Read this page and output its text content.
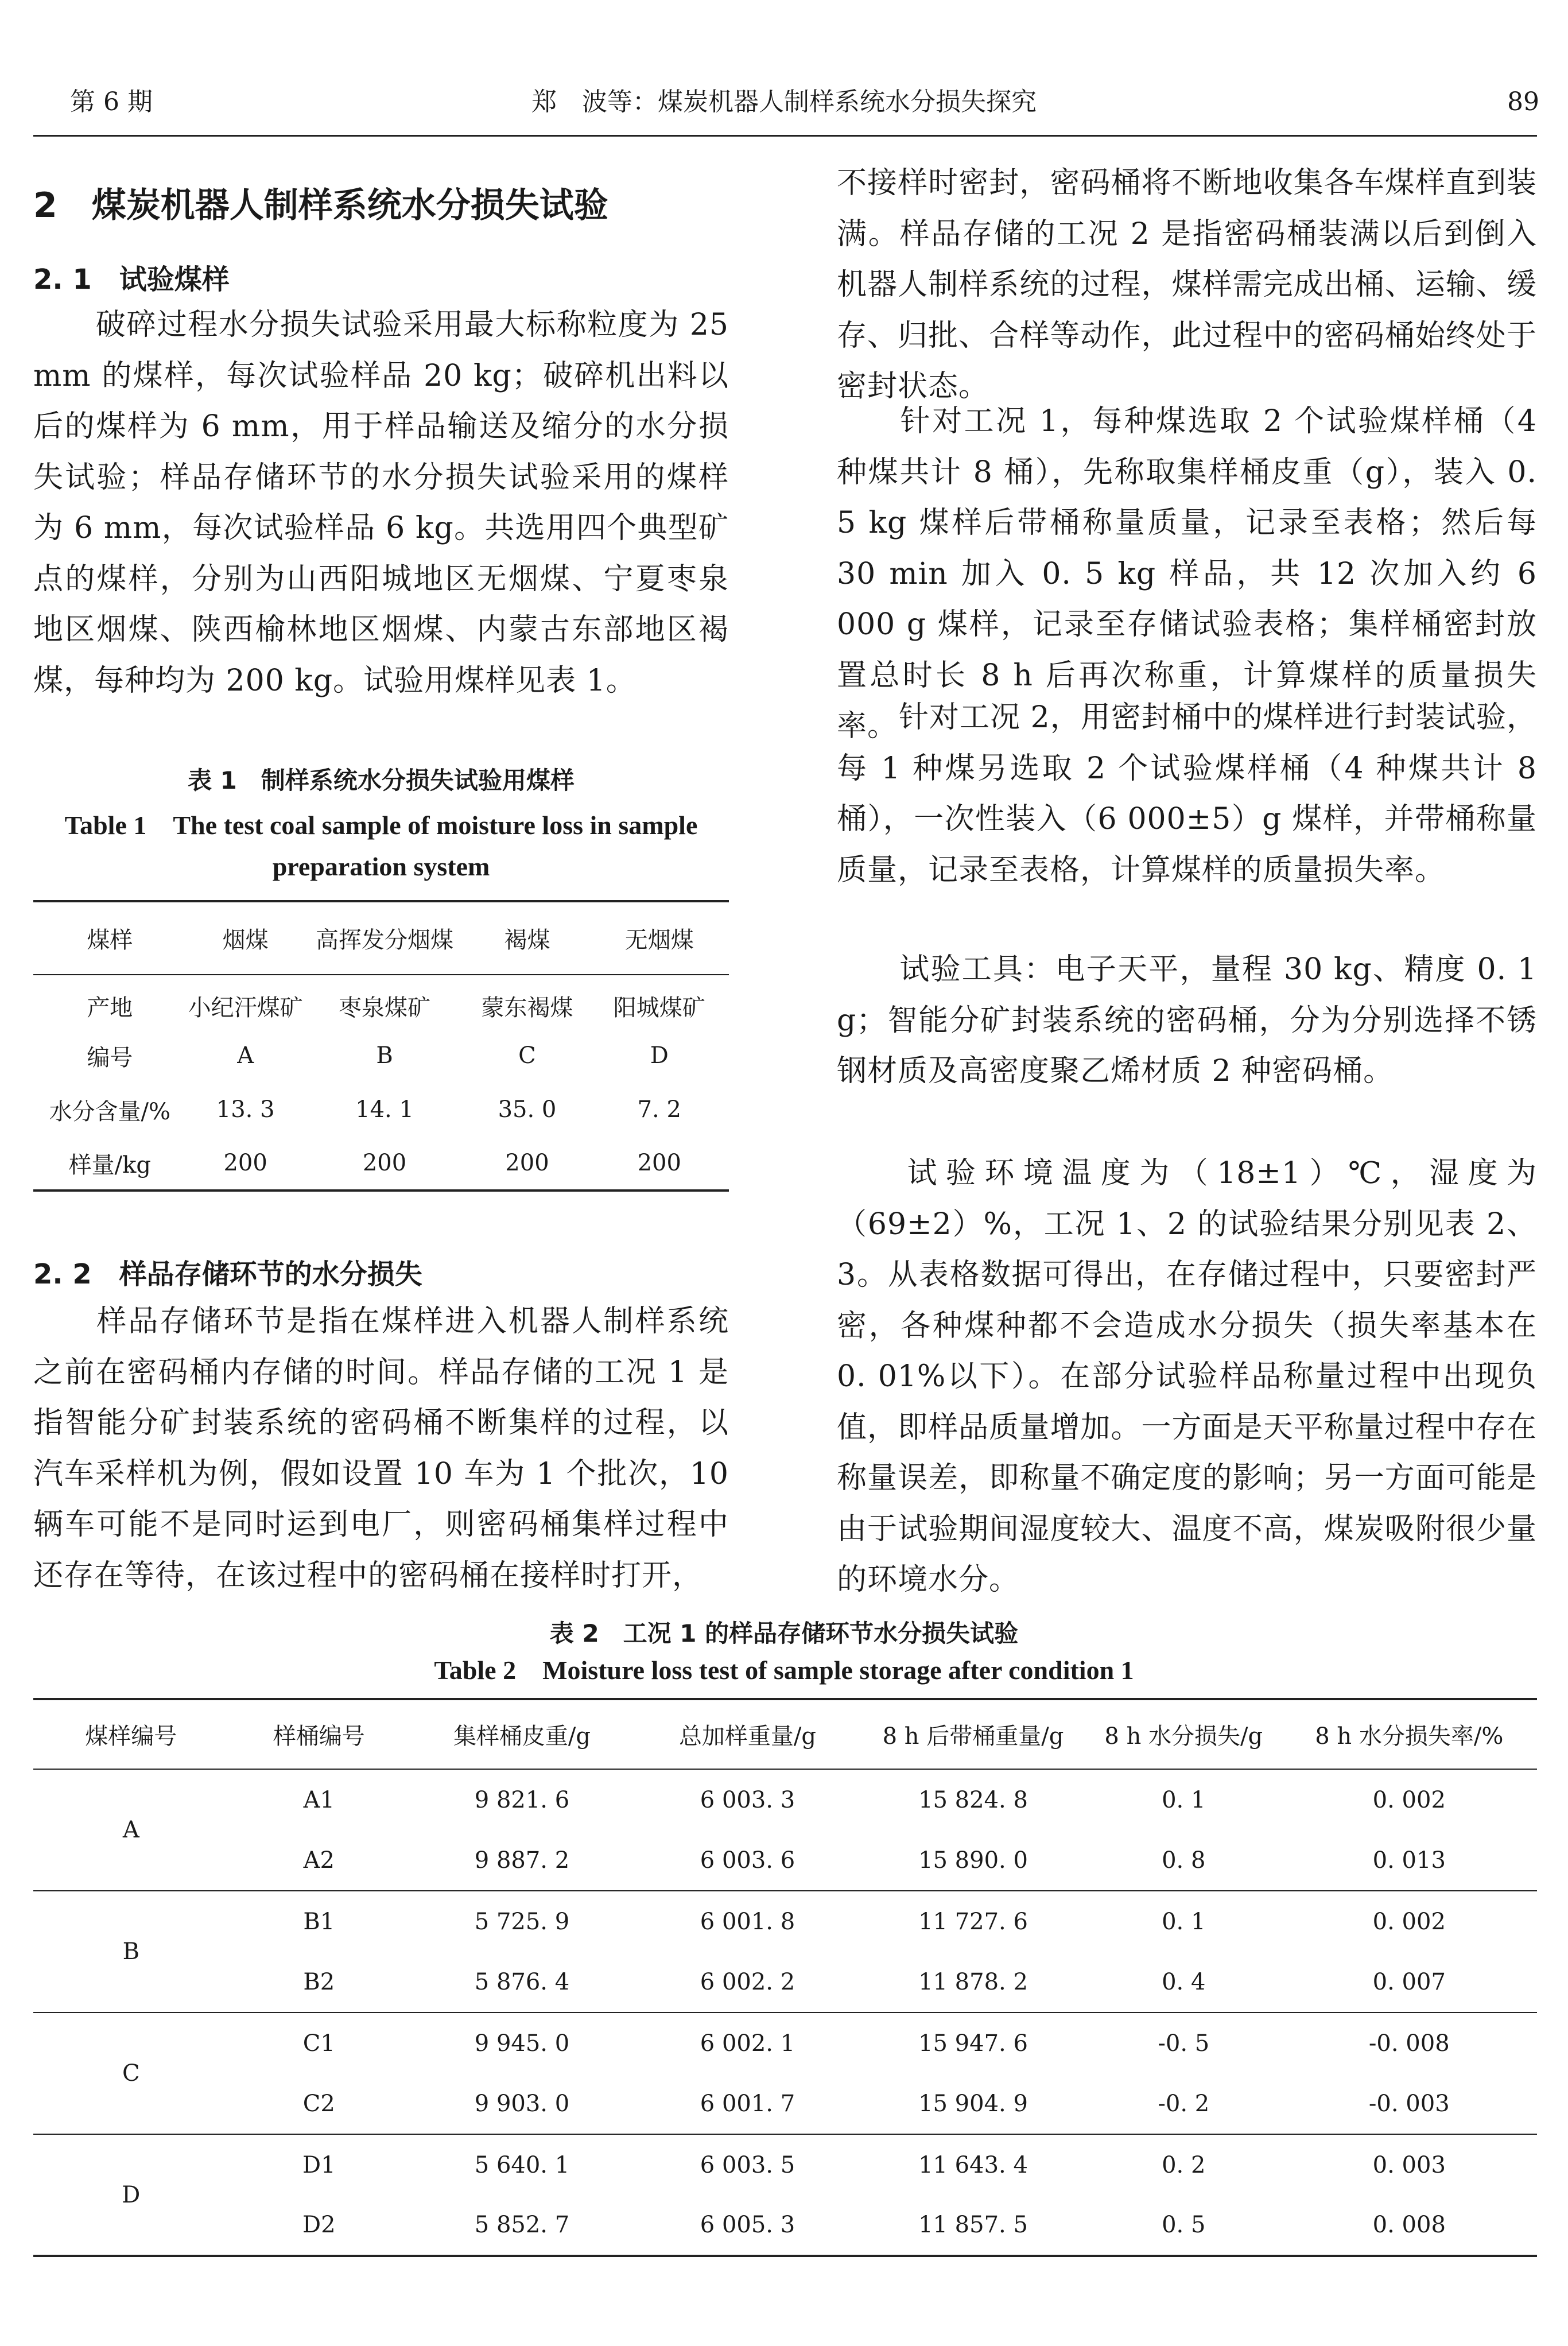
第 6 期	郑　波等：煤炭机器人制样系统水分损失探究	89
2　煤炭机器人制样系统水分损失试验
2. 1　试验煤样
破碎过程水分损失试验采用最大标称粒度为 25 mm 的煤样，每次试验样品 20 kg；破碎机出料以后的煤样为 6 mm，用于样品输送及缩分的水分损失试验；样品存储环节的水分损失试验采用的煤样为 6 mm，每次试验样品 6 kg。共选用四个典型矿点的煤样，分别为山西阳城地区无烟煤、宁夏枣泉地区烟煤、陕西榆林地区烟煤、内蒙古东部地区褐煤，每种均为 200 kg。试验用煤样见表 1。
表 1　制样系统水分损失试验用煤样
Table 1　The test coal sample of moisture loss in sample preparation system
煤样	烟煤	高挥发分烟煤	褐煤	无烟煤
产地	小纪汗煤矿	枣泉煤矿	蒙东褐煤	阳城煤矿
编号	A	B	C	D
水分含量/%	13. 3	14. 1	35. 0	7. 2
样量/kg	200	200	200	200
2. 2　样品存储环节的水分损失
样品存储环节是指在煤样进入机器人制样系统之前在密码桶内存储的时间。样品存储的工况 1 是指智能分矿封装系统的密码桶不断集样的过程，以汽车采样机为例，假如设置 10 车为 1 个批次，10 辆车可能不是同时运到电厂，则密码桶集样过程中还存在等待，在该过程中的密码桶在接样时打开，
不接样时密封，密码桶将不断地收集各车煤样直到装满。样品存储的工况 2 是指密码桶装满以后到倒入机器人制样系统的过程，煤样需完成出桶、运输、缓存、归批、合样等动作，此过程中的密码桶始终处于密封状态。
针对工况 1，每种煤选取 2 个试验煤样桶（4 种煤共计 8 桶），先称取集样桶皮重（g），装入 0. 5 kg 煤样后带桶称量质量，记录至表格；然后每 30 min 加入 0. 5 kg 样品，共 12 次加入约 6 000 g 煤样，记录至存储试验表格；集样桶密封放置总时长 8 h 后再次称重，计算煤样的质量损失率。 针对工况 2，用密封桶中的煤样进行封装试验，每 1 种煤另选取 2 个试验煤样桶（4 种煤共计 8 桶），一次性装入（6 000±5）g 煤样，并带桶称量质量，记录至表格，计算煤样的质量损失率。
试验工具：电子天平，量程 30 kg、精度 0. 1 g；智能分矿封装系统的密码桶，分为分别选择不锈钢材质及高密度聚乙烯材质 2 种密码桶。
试验环境温度为（18±1）℃，湿度为（69±2）%，工况 1、2 的试验结果分别见表 2、3。从表格数据可得出，在存储过程中，只要密封严密，各种煤种都不会造成水分损失（损失率基本在 0. 01%以下）。在部分试验样品称量过程中出现负值，即样品质量增加。一方面是天平称量过程中存在称量误差，即称量不确定度的影响；另一方面可能是由于试验期间湿度较大、温度不高，煤炭吸附很少量的环境水分。
表 2　工况 1 的样品存储环节水分损失试验
Table 2　Moisture loss test of sample storage after condition 1
煤样编号	样桶编号	集样桶皮重/g	总加样重量/g	8 h 后带桶重量/g	8 h 水分损失/g	8 h 水分损失率/%
A	A1	9 821. 6	6 003. 3	15 824. 8	0. 1	0. 002
	A2	9 887. 2	6 003. 6	15 890. 0	0. 8	0. 013
B	B1	5 725. 9	6 001. 8	11 727. 6	0. 1	0. 002
	B2	5 876. 4	6 002. 2	11 878. 2	0. 4	0. 007
C	C1	9 945. 0	6 002. 1	15 947. 6	-0. 5	-0. 008
	C2	9 903. 0	6 001. 7	15 904. 9	-0. 2	-0. 003
D	D1	5 640. 1	6 003. 5	11 643. 4	0. 2	0. 003
	D2	5 852. 7	6 005. 3	11 857. 5	0. 5	0. 008
